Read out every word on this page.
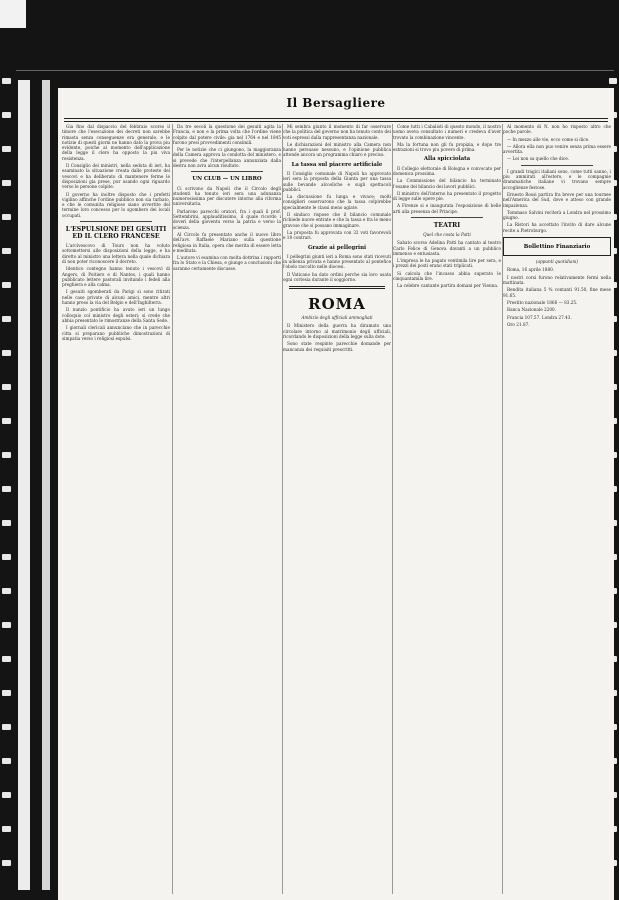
Il Bersagliere

Gia fino dal dispaccio del febbraio scorso il timore che l'esecuzione dei decreti non sarebbe rimasta senza conseguenze era generale, e le notizie di questi giorni ne hanno dato la prova piu evidente, poiche al momento dell'applicazione della legge il clero ha opposto la piu viva resistenza.

Il Consiglio dei ministri, nella seduta di ieri, ha esaminato la situazione creata dalle proteste dei vescovi e ha deliberato di mantenere ferme le disposizioni gia prese, pur usando ogni riguardo verso le persone colpite.

Il governo ha inoltre disposto che i prefetti vigilino affinche l'ordine pubblico non sia turbato, e che le comunita religiose siano avvertite del termine loro concesso per lo sgombero dei locali occupati.

L'ESPULSIONE DEI GESUITI ED IL CLERO FRANCESE

L'arcivescovo di Tours non ha voluto sottomettersi alle disposizioni della legge, e ha diretto al ministro una lettera nella quale dichiara di non poter riconoscere il decreto.

Identico contegno hanno tenuto i vescovi di Angers, di Poitiers e di Nantes, i quali hanno pubblicato lettere pastorali invitando i fedeli alla preghiera e alla calma.

I gesuiti sgomberati da Parigi si sono ritirati nelle case private di alcuni amici, mentre altri hanno preso la via del Belgio e dell'Inghilterra.

Il nunzio pontificio ha avuto ieri un lungo colloquio col ministro degli esteri; si crede che abbia presentato le rimostranze della Santa Sede.

I giornali clericali annunciano che in parecchie citta si preparano pubbliche dimostrazioni di simpatia verso i religiosi espulsi.

Da tre secoli la questione dei gesuiti agita la Francia, e non e la prima volta che l'ordine viene colpito dal potere civile: gia nel 1764 e nel 1845 furono presi provvedimenti consimili.

Per le notizie che ci giungono, la maggioranza della Camera approva la condotta del ministero, e si prevede che l'interpellanza annunziata dalla destra non avra alcun risultato.

UN CLUB — UN LIBRO

Ci scrivono da Napoli che il Circolo degli studenti ha tenuto ieri sera una adunanza numerosissima per discutere intorno alla riforma universitaria.

Parlarono parecchi oratori, fra i quali il prof. Settembrini, applauditissimo, il quale ricordo i doveri della gioventu verso la patria e verso la scienza.

Al Circolo fu presentato anche il nuovo libro dell'avv. Raffaele Mariano sulla questione religiosa in Italia, opera che merita di essere letta e meditata.

L'autore vi esamina con molta dottrina i rapporti fra lo Stato e la Chiesa, e giunge a conclusioni che saranno certamente discusse.

Mi sembra giunto il momento di far osservare che la politica del governo non ha tenuto conto dei voti espressi dalla rappresentanza nazionale.

Le dichiarazioni del ministro alla Camera non hanno persuaso nessuno, e l'opinione pubblica attende ancora un programma chiaro e preciso.

La tassa sul piacere artificiale

Il Consiglio comunale di Napoli ha approvato ieri sera la proposta della Giunta per una tassa sulle bevande alcooliche e sugli spettacoli pubblici.

La discussione fu lunga e vivace; molti consiglieri osservarono che la tassa colpirebbe specialmente le classi meno agiate.

Il sindaco rispose che il bilancio comunale richiede nuove entrate e che la tassa e fra le meno gravose che si possano immaginare.

La proposta fu approvata con 32 voti favorevoli e 18 contrari.

Grazie ai pellegrini

I pellegrini giunti ieri a Roma sono stati ricevuti in udienza privata e hanno presentato al pontefice l'obolo raccolto nelle diocesi.

Il Vaticano ha dato ordini perche sia loro usata ogni cortesia durante il soggiorno.

ROMA
Ambizio degli ufficiali ammogliati

Il Ministero della guerra ha diramato una circolare intorno al matrimonio degli ufficiali, ricordando le disposizioni della legge sulla dote.

Sono state respinte parecchie domande per mancanza dei requisiti prescritti.

Come tutti i Cabalisti di questo mondo, il nostro uomo aveva consultato i numeri e credeva d'aver trovato la combinazione vincente.

Ma la fortuna non gli fu propizia, e dopo tre estrazioni si trovo piu povero di prima.

Alla spicciolata

Il Collegio elettorale di Bologna e convocato per domenica prossima.

La Commissione del bilancio ha terminato l'esame del bilancio dei lavori pubblici.

Il ministro dell'interno ha presentato il progetto di legge sulle opere pie.

A Firenze si e inaugurata l'esposizione di belle arti alla presenza del Principe.

TEATRI
Quel che costa la Patti

Sabato scorso Adelina Patti ha cantato al teatro Carlo Felice di Genova davanti a un pubblico immenso e entusiasta.

L'impresa le ha pagato ventimila lire per sera, e i prezzi dei posti erano stati triplicati.

Si calcola che l'incasso abbia superato le cinquantamila lire.

La celebre cantante partira domani per Vienna.

Al momento di N. non ho risposto altro che poche parole.

— In mezzo alle vie, ecco come si dice.

— Allora ella non puo venire senza prima essere avvertita.

— Lei non sa quello che dice.

I grandi tragici italiani sono, come tutti sanno, i piu ammirati all'estero, e le compagnie drammatiche italiane vi trovano sempre accoglienze festose.

Ernesto Rossi partira fra breve per una tournee nell'America del Sud, dove e atteso con grande impazienza.

Tommaso Salvini reciterà a Londra nel prossimo giugno.

La Ristori ha accettato l'invito di dare alcune recite a Pietroburgo.

Bollettino Finanziario
(appunti quotidiani)

Roma, 16 aprile 1880.

I nostri corsi furono relativamente fermi nella mattinata.

Rendita italiana 5 % contanti 91.50, fine mese 91.65.

Prestito nazionale 1866 — 83.25.

Banca Nazionale 2200.

Francia 107.57. Londra 27.43.

Oro 21.87.
